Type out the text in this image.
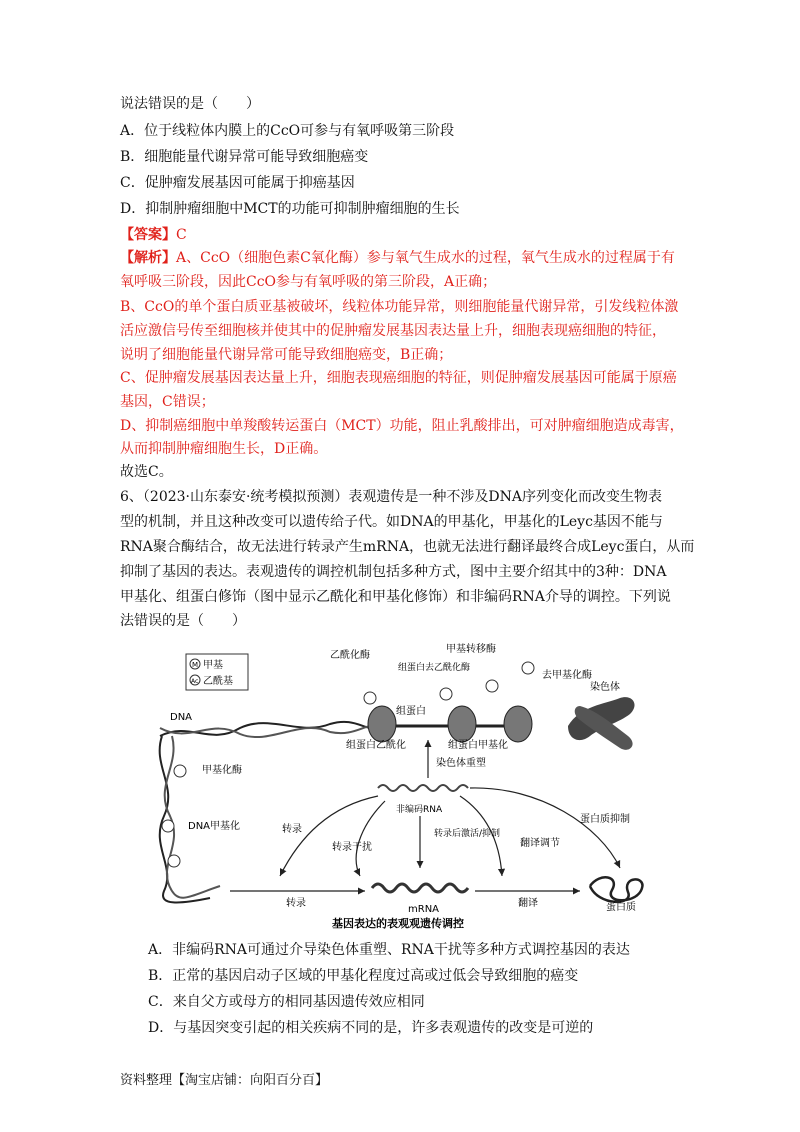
说法错误的是（　　）
A．位于线粒体内膜上的CcO可参与有氧呼吸第三阶段
B．细胞能量代谢异常可能导致细胞癌变
C．促肿瘤发展基因可能属于抑癌基因
D．抑制肿瘤细胞中MCT的功能可抑制肿瘤细胞的生长
【答案】C
【解析】A、CcO（细胞色素C氧化酶）参与氧气生成水的过程，氧气生成水的过程属于有
氧呼吸三阶段，因此CcO参与有氧呼吸的第三阶段，A正确；
B、CcO的单个蛋白质亚基被破坏，线粒体功能异常，则细胞能量代谢异常，引发线粒体激
活应激信号传至细胞核并使其中的促肿瘤发展基因表达量上升，细胞表现癌细胞的特征，
说明了细胞能量代谢异常可能导致细胞癌变，B正确；
C、促肿瘤发展基因表达量上升，细胞表现癌细胞的特征，则促肿瘤发展基因可能属于原癌
基因，C错误；
D、抑制癌细胞中单羧酸转运蛋白（MCT）功能，阻止乳酸排出，可对肿瘤细胞造成毒害，
从而抑制肿瘤细胞生长，D正确。
故选C。
6、（2023·山东泰安·统考模拟预测）表观遗传是一种不涉及DNA序列变化而改变生物表
型的机制，并且这种改变可以遗传给子代。如DNA的甲基化，甲基化的Leyc基因不能与
RNA聚合酶结合，故无法进行转录产生mRNA，也就无法进行翻译最终合成Leyc蛋白，从而
抑制了基因的表达。表观遗传的调控机制包括多种方式，图中主要介绍其中的3种：DNA
甲基化、组蛋白修饰（图中显示乙酰化和甲基化修饰）和非编码RNA介导的调控。下列说
法错误的是（　　）
M 甲基
Ac 乙酰基
DNA
甲基化酶
DNA甲基化
乙酰化酶
组蛋白去乙酰化酶
甲基转移酶
去甲基化酶
组蛋白
组蛋白乙酰化	组蛋白甲基化
染色体
染色体重塑
非编码RNA
转录
转录干扰
转录后激活/抑制
翻译调节
蛋白质抑制
转录
mRNA
翻译	蛋白质
基因表达的表观观遗传调控
A．非编码RNA可通过介导染色体重塑、RNA干扰等多种方式调控基因的表达
B．正常的基因启动子区域的甲基化程度过高或过低会导致细胞的癌变
C．来自父方或母方的相同基因遗传效应相同
D．与基因突变引起的相关疾病不同的是，许多表观遗传的改变是可逆的
资料整理【淘宝店铺：向阳百分百】
